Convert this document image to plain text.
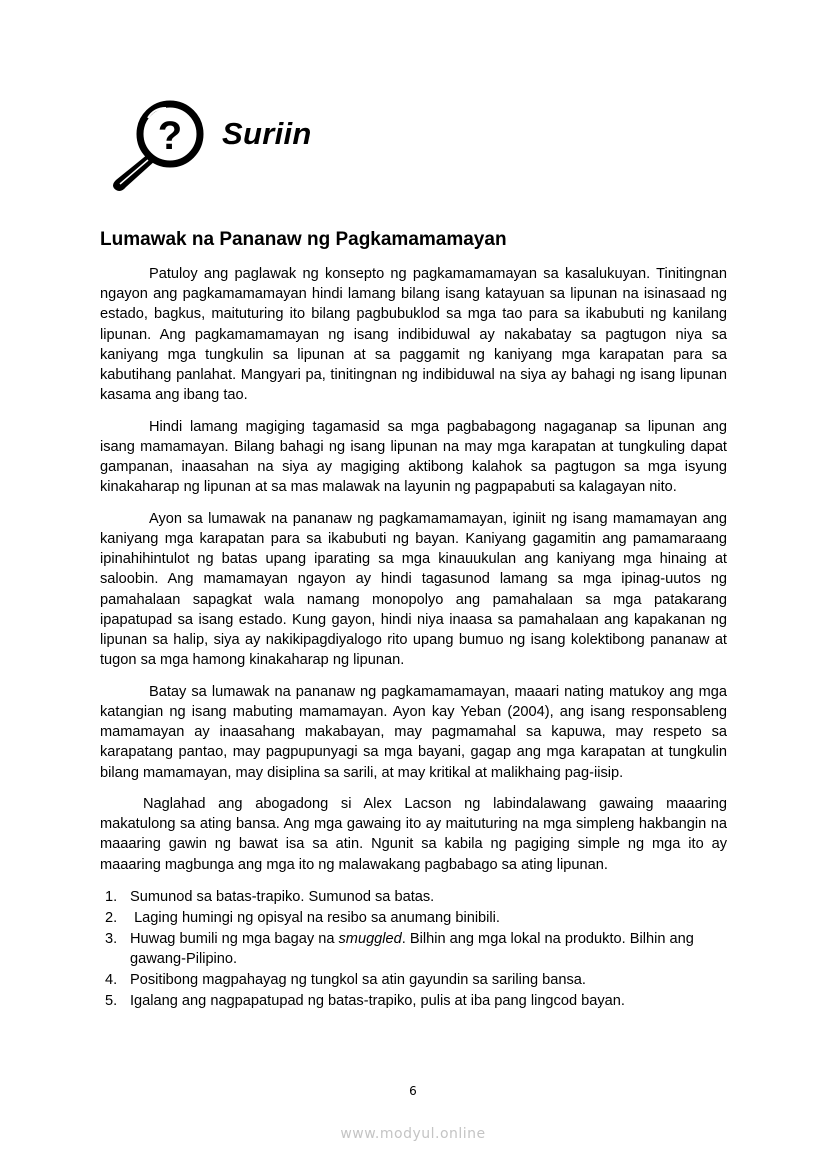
? Suriin
Lumawak na Pananaw ng Pagkamamamayan

Patuloy ang paglawak ng konsepto ng pagkamamamayan sa kasalukuyan. Tinitingnan ngayon ang pagkamamamayan hindi lamang bilang isang katayuan sa lipunan na isinasaad ng estado, bagkus, maituturing ito bilang pagbubuklod sa mga tao para sa ikabubuti ng kanilang lipunan. Ang pagkamamamayan ng isang indibiduwal ay nakabatay sa pagtugon niya sa kaniyang mga tungkulin sa lipunan at sa paggamit ng kaniyang mga karapatan para sa kabutihang panlahat. Mangyari pa, tinitingnan ng indibiduwal na siya ay bahagi ng isang lipunan kasama ang ibang tao.

Hindi lamang magiging tagamasid sa mga pagbabagong nagaganap sa lipunan ang isang mamamayan. Bilang bahagi ng isang lipunan na may mga karapatan at tungkuling dapat gampanan, inaasahan na siya ay magiging aktibong kalahok sa pagtugon sa mga isyung kinakaharap ng lipunan at sa mas malawak na layunin ng pagpapabuti sa kalagayan nito.

Ayon sa lumawak na pananaw ng pagkamamamayan, iginiit ng isang mamamayan ang kaniyang mga karapatan para sa ikabubuti ng bayan. Kaniyang gagamitin ang pamamaraang ipinahihintulot ng batas upang iparating sa mga kinauukulan ang kaniyang mga hinaing at saloobin. Ang mamamayan ngayon ay hindi tagasunod lamang sa mga ipinag-uutos ng pamahalaan sapagkat wala namang monopolyo ang pamahalaan sa mga patakarang ipapatupad sa isang estado. Kung gayon, hindi niya inaasa sa pamahalaan ang kapakanan ng lipunan sa halip, siya ay nakikipagdiyalogo rito upang bumuo ng isang kolektibong pananaw at tugon sa mga hamong kinakaharap ng lipunan.

Batay sa lumawak na pananaw ng pagkamamamayan, maaari nating matukoy ang mga katangian ng isang mabuting mamamayan. Ayon kay Yeban (2004), ang isang responsableng mamamayan ay inaasahang makabayan, may pagmamahal sa kapuwa, may respeto sa karapatang pantao, may pagpupunyagi sa mga bayani, gagap ang mga karapatan at tungkulin bilang mamamayan, may disiplina sa sarili, at may kritikal at malikhaing pag-iisip.

Naglahad ang abogadong si Alex Lacson ng labindalawang gawaing maaaring makatulong sa ating bansa. Ang mga gawaing ito ay maituturing na mga simpleng hakbangin na maaaring gawin ng bawat isa sa atin. Ngunit sa kabila ng pagiging simple ng mga ito ay maaaring magbunga ang mga ito ng malawakang pagbabago sa ating lipunan.

1. Sumunod sa batas-trapiko. Sumunod sa batas.
2. Laging humingi ng opisyal na resibo sa anumang binibili.
3. Huwag bumili ng mga bagay na smuggled. Bilhin ang mga lokal na produkto. Bilhin ang gawang-Pilipino.
4. Positibong magpahayag ng tungkol sa atin gayundin sa sariling bansa.
5. Igalang ang nagpapatupad ng batas-trapiko, pulis at iba pang lingcod bayan.
6
www.modyul.online
